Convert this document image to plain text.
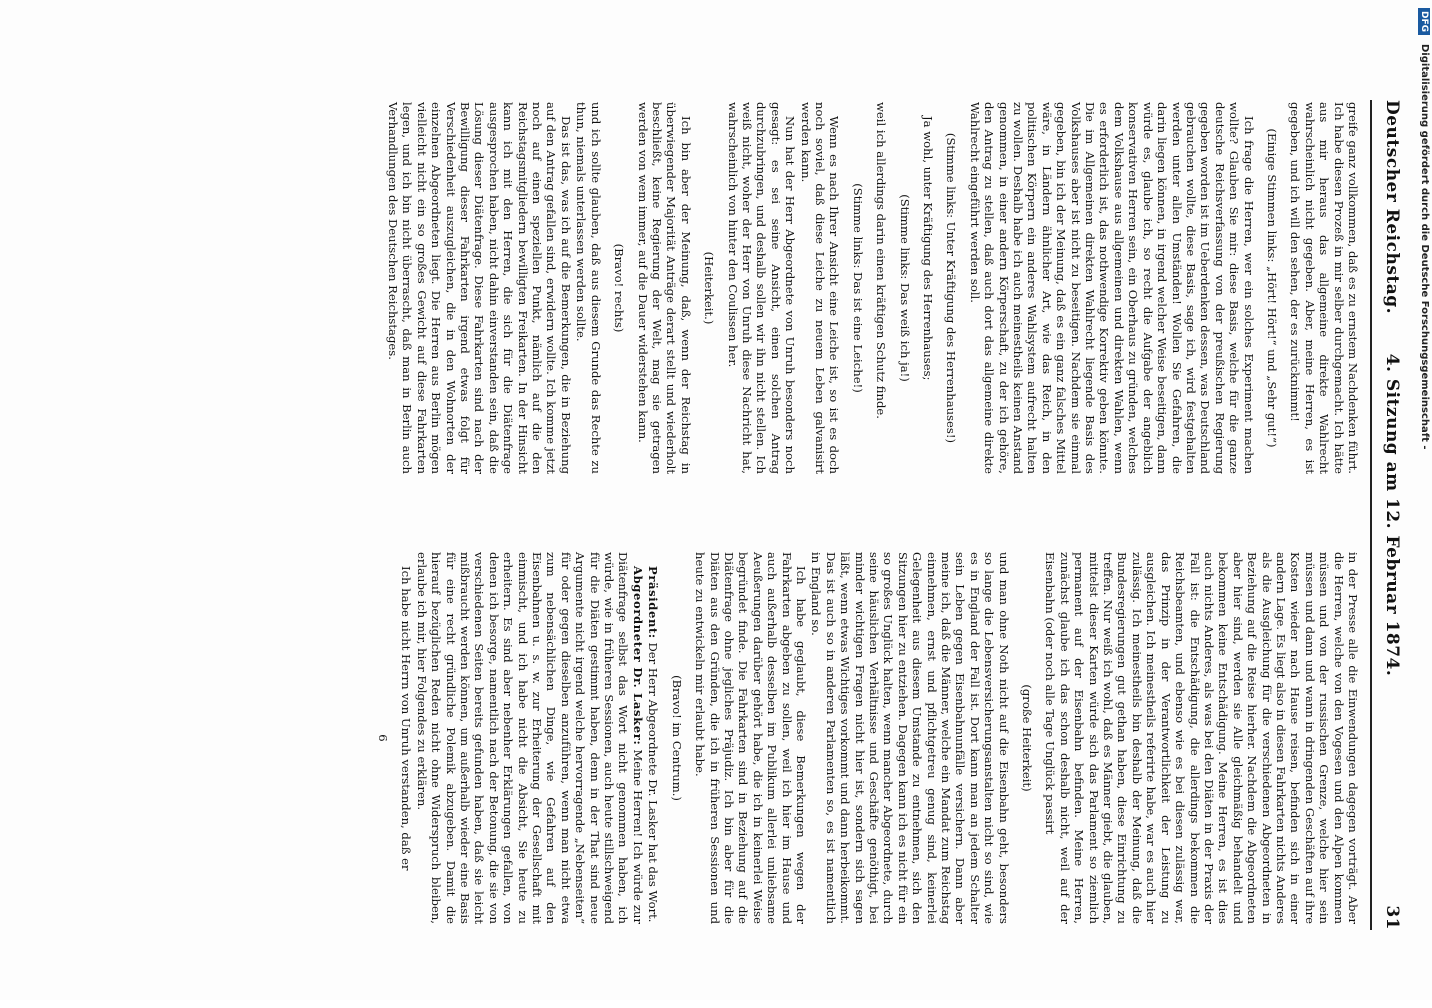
Deutscher Reichstag.
4. Sitzung am 12. Februar 1874.
31

greife ganz vollkommen, daß es zu ernstem Nachdenken führt. Ich habe diesen Prozeß in mir selber durchgemacht. Ich hätte aus mir heraus das allgemeine direkte Wahlrecht wahrscheinlich nicht gegeben. Aber, meine Herren, es ist gegeben, und ich will den sehen, der es zurücknimmt!

(Einige Stimmen links: „Hört! Hört!“ und „Sehr gut!“)

Ich frage die Herren, wer ein solches Experiment machen wollte? Glauben Sie mir: diese Basis, welche für die ganze deutsche Reichsverfassung von der preußischen Regierung gegeben worden ist im Ueberdenken dessen, was Deutschland gebrauchen wollte, diese Basis, sage ich, wird festgehalten werden unter allen Umständen! Wollen Sie Gefahren, die darin liegen können, in irgend welcher Weise beseitigen, dann würde es, glaube ich, so recht die Aufgabe der angeblich konservativen Herren sein, ein Oberhaus zu gründen, welches dem Volkshause aus allgemeinen und direkten Wahlen, wenn es erforderlich ist, das nothwendige Korrektiv geben könnte. Die im Allgemeinen direkten Wahlrecht liegende Basis des Volkshauses aber ist nicht zu beseitigen. Nachdem sie einmal gegeben, bin ich der Meinung, daß es ein ganz falsches Mittel wäre, in Ländern ähnlicher Art, wie das Reich, in den politischen Körpern ein anderes Wahlsystem aufrecht halten zu wollen. Deshalb habe ich auch meinestheils keinen Anstand genommen, in einer andern Körperschaft, zu der ich gehöre, den Antrag zu stellen, daß auch dort das allgemeine direkte Wahlrecht eingeführt werden soll.

(Stimme links: Unter Kräftigung des Herrenhauses!)

Ja wohl, unter Kräftigung des Herrenhauses;

(Stimme links: Das weiß ich ja!)

weil ich allerdings darin einen kräftigen Schutz finde.

(Stimme links: Das ist eine Leiche!)

Wenn es nach Ihrer Ansicht eine Leiche ist, so ist es doch noch soviel, daß diese Leiche zu neuem Leben galvanisirt werden kann.

Nun hat der Herr Abgeordnete von Unruh besonders noch gesagt: es sei seine Ansicht, einen solchen Antrag durchzubringen, und deshalb sollen wir ihn nicht stellen. Ich weiß nicht, woher der Herr von Unruh diese Nachricht hat, wahrscheinlich von hinter den Coulissen her.

(Heiterkeit.)

Ich bin aber der Meinung, daß, wenn der Reichstag in überwiegender Majorität Anträge derart stellt und wiederholt beschließt, keine Regierung der Welt, mag sie getragen werden von wem immer, auf die Dauer widerstehen kann.

(Bravo! rechts)

und ich sollte glauben, daß aus diesem Grunde das Rechte zu thun, niemals unterlassen werden sollte.

Das ist das, was ich auf die Bemerkungen, die in Beziehung auf den Antrag gefallen sind, erwidern wollte. Ich komme jetzt noch auf einen speziellen Punkt, nämlich auf die den Reichstagsmitgliedern bewilligten Freikarten. In der Hinsicht kann ich mit den Herren, die sich für die Diätenfrage ausgesprochen haben, nicht dahin einverstanden sein, daß die Lösung dieser Diätenfrage. Diese Fahrkarten sind nach der Bewilligung dieser Fahrkarten irgend etwas folgt für Verschiedenheit auszugleichen, die in den Wohnorten der einzelnen Abgeordneten liegt. Die Herren aus Berlin mögen vielleicht nicht ein so großes Gewicht auf diese Fahrkarten legen, und ich bin nicht überrascht, daß man in Berlin auch Verhandlungen des Deutschen Reichstages.

in der Presse alle die Einwendungen dagegen vorträgt. Aber die Herren, welche von den Vogesen und den Alpen kommen müssen und von der russischen Grenze, welche hier sein müssen und dann und wann in dringenden Geschäften auf ihre Kosten wieder nach Hause reisen, befinden sich in einer andern Lage. Es liegt also in diesen Fahrkarten nichts Anderes als die Ausgleichung für die verschiedenen Abgeordneten in Beziehung auf die Reise hierher. Nachdem die Abgeordneten aber hier sind, werden sie Alle gleichmäßig behandelt und bekommen keine Entschädigung. Meine Herren, es ist dies auch nichts Anderes, als was bei den Diäten in der Praxis der Fall ist: die Entschädigung, die allerdings bekommen die Reichsbeamten, und ebenso wie es bei diesen zulässig war, das Prinzip in der Verantwortlichkeit der Leistung zu ausgleichen. Ich meinestheils referirte habe, war es auch hier zulässig. Ich meinestheils bin deshalb der Meinung, daß die Bundesregierungen gut gethan haben, diese Einrichtung zu treffen. Nur weiß ich wohl, daß es Männer giebt, die glauben, mittelst dieser Karten würde sich das Parlament so ziemlich permanent auf der Eisenbahn befinden. Meine Herren, zunächst glaube ich das schon deshalb nicht, weil auf der Eisenbahn (oder noch alle Tage Unglück passirt

(große Heiterkeit)

und man ohne Noth nicht auf die Eisenbahn geht, besonders so lange die Lebensversicherungsanstalten nicht so sind, wie es in England der Fall ist. Dort kann man an jedem Schalter sein Leben gegen Eisenbahnunfälle versichern. Dann aber meine ich, daß die Männer, welche ein Mandat zum Reichstag einnehmen, ernst und pflichtgetreu genug sind, keinerlei Gelegenheit aus diesem Umstande zu entnehmen, sich den Sitzungen hier zu entziehen. Dagegen kann ich es nicht für ein so großes Unglück halten, wenn mancher Abgeordnete, durch seine häuslichen Verhältnisse und Geschäfte genöthigt, bei minder wichtigen Fragen nicht hier ist, sondern sich sagen läßt, wenn etwas Wichtiges vorkommt und dann herbeikommt. Das ist auch so in anderen Parlamenten so, es ist namentlich in England so.

Ich habe geglaubt, diese Bemerkungen wegen der Fahrkarten abgeben zu sollen, weil ich hier im Hause und auch außerhalb desselben im Publikum allerlei unliebsame Aeußerungen darüber gehört habe, die ich in keinerlei Weise begründet finde. Die Fahrkarten sind in Beziehung auf die Diätenfrage ohne jegliches Präjudiz. Ich bin aber für die Diäten aus den Gründen, die ich in früheren Sessionen und heute zu entwickeln mir erlaubt habe.

(Bravo! im Centrum.)

Präsident: Der Herr Abgeordnete Dr. Lasker hat das Wort.

Abgeordneter Dr. Lasker: Meine Herren! Ich würde zur Diätenfrage selbst das Wort nicht genommen haben, ich würde, wie in früheren Sessionen, auch heute stillschweigend für die Diäten gestimmt haben, denn in der That sind neue Argumente nicht irgend welche hervorragende „Nebenseiten“ für oder gegen dieselben anzuführen, wenn man nicht etwa zum nebensächlichen Dinge, wie Gefahren auf den Eisenbahnen u. s. w. zur Erheiterung der Gesellschaft mit einmischt, und ich habe nicht die Absicht, Sie heute zu erheitern. Es sind aber nebenher Erklärungen gefallen, von denen ich besorge, namentlich nach der Betonung, die sie von verschiedenen Seiten bereits gefunden haben, daß sie leicht mißbraucht werden können, um außerhalb wieder eine Basis für eine recht gründliche Polemik abzugeben. Damit die hierauf bezüglichen Reden nicht ohne Widerspruch bleiben, erlaube ich mir, hier Folgendes zu erklären.

Ich habe nicht Herrn von Unruh verstanden, daß er

6

DFG
Digitalisierung gefördert durch die Deutsche Forschungsgemeinschaft -
